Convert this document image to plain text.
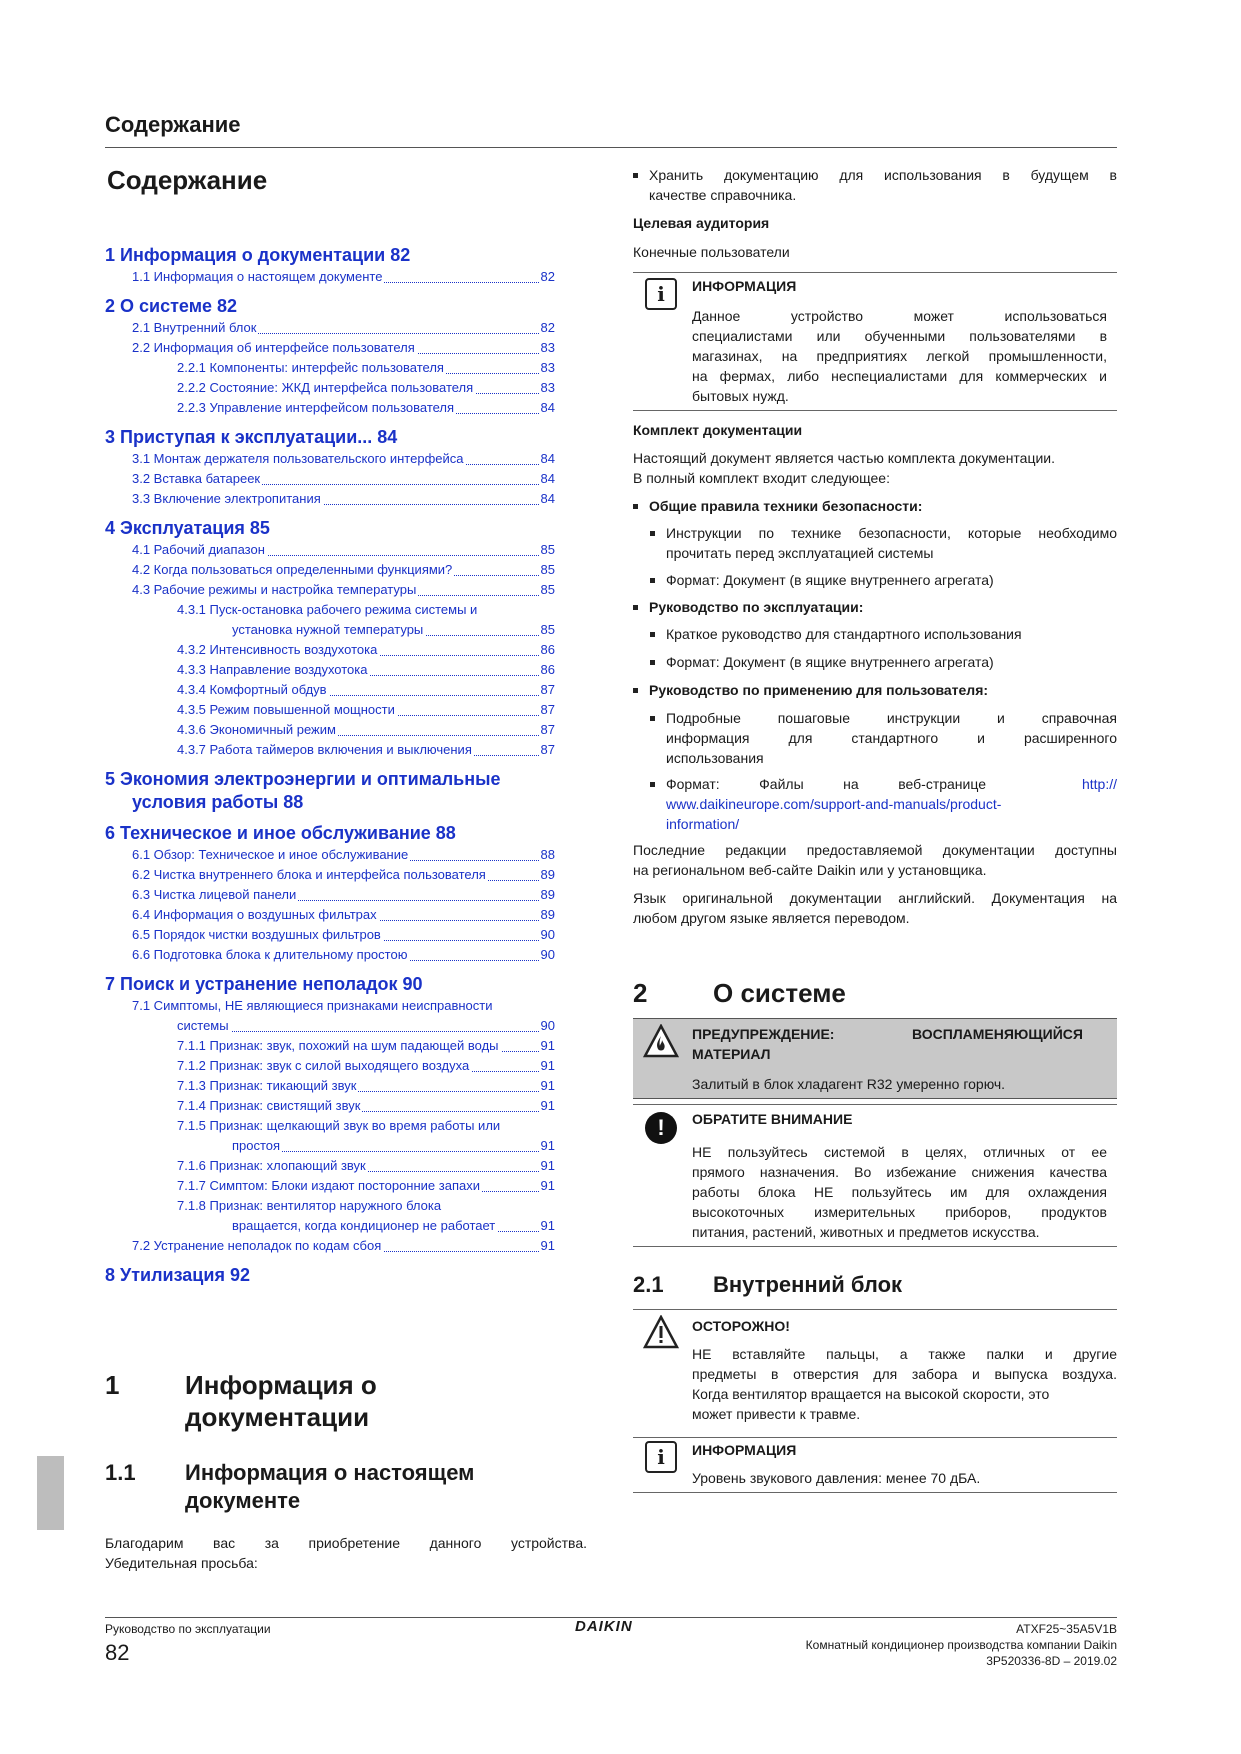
Содержание
Содержание
1 Информация о документации 82
1.1 Информация о настоящем документе	82
2 О системе 82
2.1 Внутренний блок	82
2.2 Информация об интерфейсе пользователя	83
2.2.1 Компоненты: интерфейс пользователя	83
2.2.2 Состояние: ЖКД интерфейса пользователя	83
2.2.3 Управление интерфейсом пользователя	84
3 Приступая к эксплуатации... 84
3.1 Монтаж держателя пользовательского интерфейса	84
3.2 Вставка батареек	84
3.3 Включение электропитания	84
4 Эксплуатация 85
4.1 Рабочий диапазон	85
4.2 Когда пользоваться определенными функциями?	85
4.3 Рабочие режимы и настройка температуры	85
4.3.1 Пуск-остановка рабочего режима системы и
установка нужной температуры	85
4.3.2 Интенсивность воздухотока	86
4.3.3 Направление воздухотока	86
4.3.4 Комфортный обдув	87
4.3.5 Режим повышенной мощности	87
4.3.6 Экономичный режим	87
4.3.7 Работа таймеров включения и выключения	87
5 Экономия электроэнергии и оптимальные
условия работы 88
6 Техническое и иное обслуживание 88
6.1 Обзор: Техническое и иное обслуживание	88
6.2 Чистка внутреннего блока и интерфейса пользователя	89
6.3 Чистка лицевой панели	89
6.4 Информация о воздушных фильтрах	89
6.5 Порядок чистки воздушных фильтров	90
6.6 Подготовка блока к длительному простою	90
7 Поиск и устранение неполадок 90
7.1 Симптомы, НЕ являющиеся признаками неисправности
системы	90
7.1.1 Признак: звук, похожий на шум падающей воды	91
7.1.2 Признак: звук с силой выходящего воздуха	91
7.1.3 Признак: тикающий звук	91
7.1.4 Признак: свистящий звук	91
7.1.5 Признак: щелкающий звук во время работы или
простоя	91
7.1.6 Признак: хлопающий звук	91
7.1.7 Симптом: Блоки издают посторонние запахи	91
7.1.8 Признак: вентилятор наружного блока
вращается, когда кондиционер не работает	91
7.2 Устранение неполадок по кодам сбоя	91
8 Утилизация 92
1	Информация о
документации
1.1 Информация о настоящем
документе
Благодарим вас за приобретение данного устройства.
Убедительная просьба:
Хранить документацию для использования в будущем в
качестве справочника.
Целевая аудитория
Конечные пользователи
i	ИНФОРМАЦИЯ
Данное устройство может использоваться
специалистами или обученными пользователями в
магазинах, на предприятиях легкой промышленности,
на фермах, либо неспециалистами для коммерческих и
бытовых нужд.
Комплект документации
Настоящий документ является частью комплекта документации.
В полный комплект входит следующее:
Общие правила техники безопасности:
Инструкции по технике безопасности, которые необходимо
прочитать перед эксплуатацией системы
Формат: Документ (в ящике внутреннего агрегата)
Руководство по эксплуатации:
Краткое руководство для стандартного использования
Формат: Документ (в ящике внутреннего агрегата)
Руководство по применению для пользователя:
Подробные пошаговые инструкции и справочная
информация для стандартного и расширенного
использования
Формат: Файлы на веб-странице	http://
www.daikineurope.com/support-and-manuals/product-
information/
Последние редакции предоставляемой документации доступны
на региональном веб-сайте Daikin или у установщика.
Язык оригинальной документации английский. Документация на
любом другом языке является переводом.
2	О системе
ПРЕДУПРЕЖДЕНИЕ:	ВОСПЛАМЕНЯЮЩИЙСЯ
МАТЕРИАЛ
Залитый в блок хладагент R32 умеренно горюч.
!	ОБРАТИТЕ ВНИМАНИЕ
НЕ пользуйтесь системой в целях, отличных от ее
прямого назначения. Во избежание снижения качества
работы блока НЕ пользуйтесь им для охлаждения
высокоточных измерительных приборов, продуктов
питания, растений, животных и предметов искусства.
2.1 Внутренний блок
ОСТОРОЖНО!
НЕ вставляйте пальцы, а также палки и другие
предметы в отверстия для забора и выпуска воздуха.
Когда вентилятор вращается на высокой скорости, это
может привести к травме.
i	ИНФОРМАЦИЯ
Уровень звукового давления: менее 70 дБА.
Руководство по эксплуатации
82
DAIKIN	ATXF25~35A5V1B
Комнатный кондиционер производства компании Daikin
3P520336-8D – 2019.02
